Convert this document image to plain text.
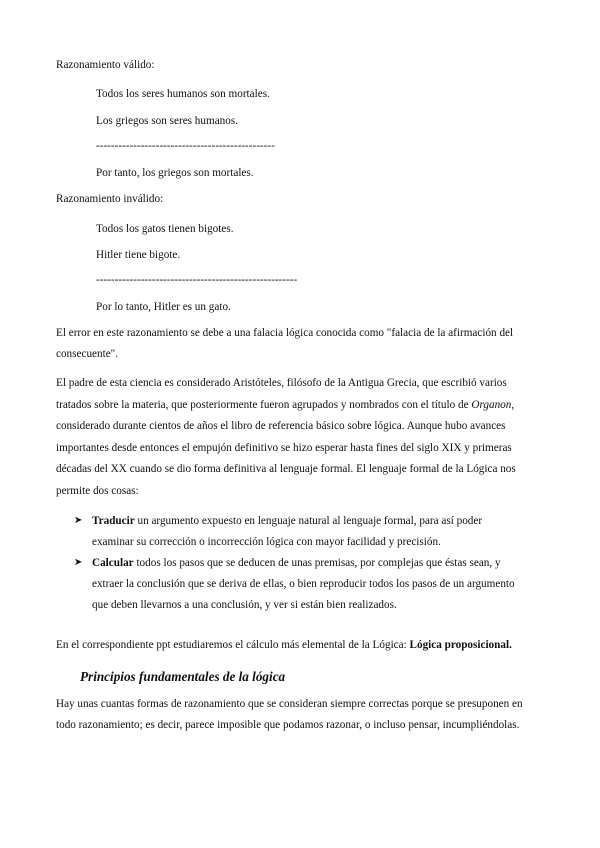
Razonamiento válido:
Todos los seres humanos son mortales.
Los griegos son seres humanos.
------------------------------------------------
Por tanto, los griegos son mortales.
Razonamiento inválido:
Todos los gatos tienen bigotes.
Hitler tiene bigote.
------------------------------------------------------
Por lo tanto, Hitler es un gato.
El error en este razonamiento se debe a una falacia lógica conocida como "falacia de la afirmación del
consecuente".
El padre de esta ciencia es considerado Aristóteles, filósofo de la Antigua Grecia, que escribió varios
tratados sobre la materia, que posteriormente fueron agrupados y nombrados con el título de Organon,
considerado durante cientos de años el libro de referencia básico sobre lógica. Aunque hubo avances
importantes desde entonces el empujón definitivo se hizo esperar hasta fines del siglo XIX y primeras
décadas del XX cuando se dio forma definitiva al lenguaje formal. El lenguaje formal de la Lógica nos
permite dos cosas:
➤ Traducir un argumento expuesto en lenguaje natural al lenguaje formal, para así poder
examinar su corrección o incorrección lógica con mayor facilidad y precisión.
➤ Calcular todos los pasos que se deducen de unas premisas, por complejas que éstas sean, y
extraer la conclusión que se deriva de ellas, o bien reproducir todos los pasos de un argumento
que deben llevarnos a una conclusión, y ver si están bien realizados.
En el correspondiente ppt estudiaremos el cálculo más elemental de la Lógica: Lógica proposicional.
Principios fundamentales de la lógica
Hay unas cuantas formas de razonamiento que se consideran siempre correctas porque se presuponen en
todo razonamiento; es decir, parece imposible que podamos razonar, o incluso pensar, incumpliéndolas.
